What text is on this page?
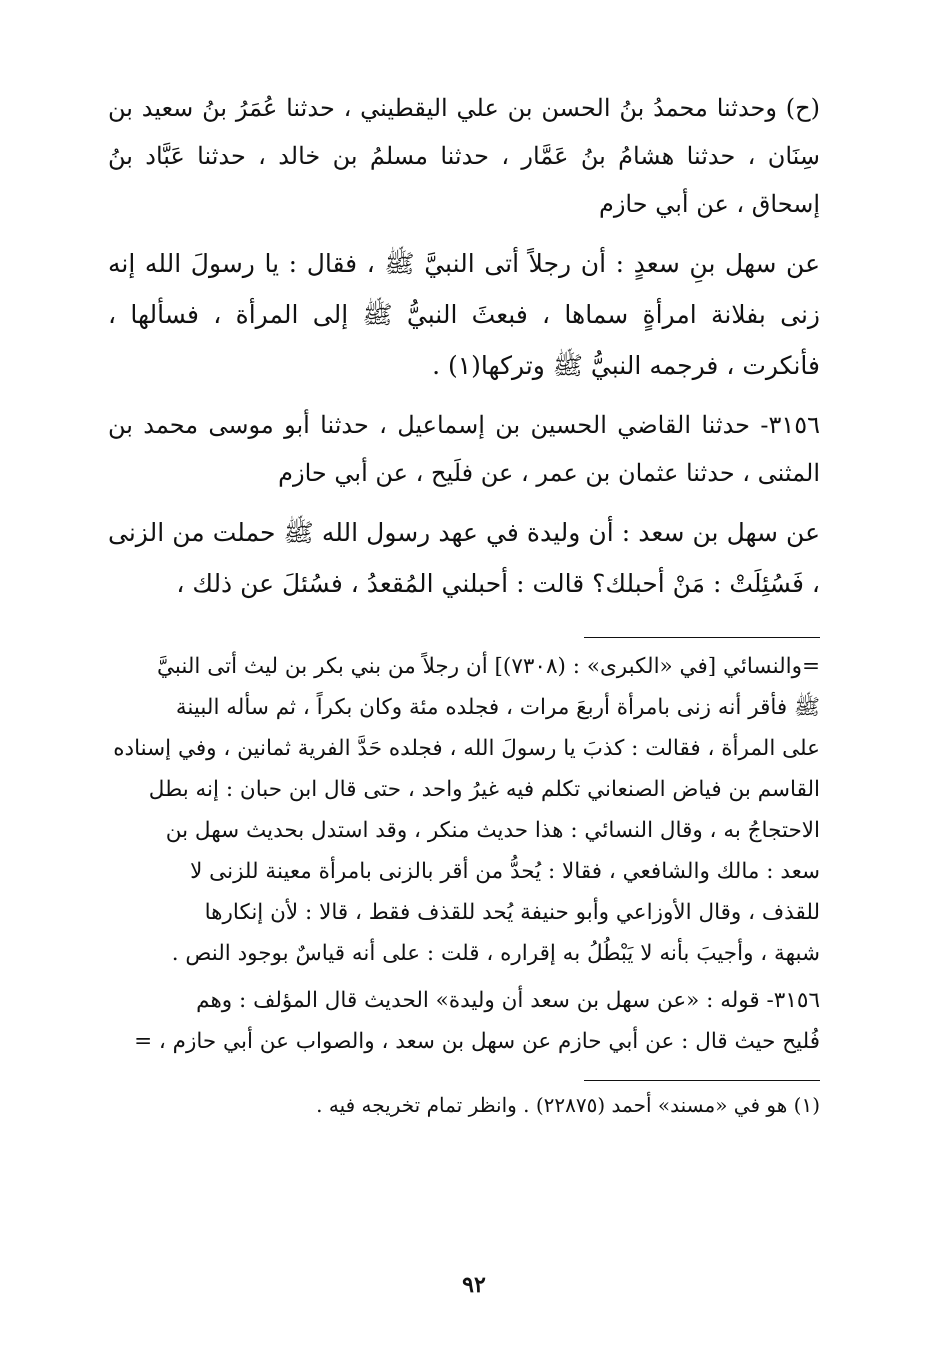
(ح) وحدثنا محمدُ بنُ الحسن بن علي اليقطيني ، حدثنا عُمَرُ بنُ سعيد بن سِنَان ، حدثنا هشامُ بنُ عَمَّار ، حدثنا مسلمُ بن خالد ، حدثنا عَبَّاد بنُ إسحاق ، عن أبي حازم

عن سهل بنِ سعدٍ : أن رجلاً أتى النبيَّ ﷺ ، فقال : يا رسولَ الله إنه زنى بفلانة امرأةٍ سماها ، فبعثَ النبيُّ ﷺ إلى المرأة ، فسألها ، فأنكرت ، فرجمه النبيُّ ﷺ وتركها(١) .

٣١٥٦- حدثنا القاضي الحسين بن إسماعيل ، حدثنا أبو موسى محمد بن المثنى ، حدثنا عثمان بن عمر ، عن فلَيح ، عن أبي حازم

عن سهل بن سعد : أن وليدة في عهد رسول الله ﷺ حملت من الزنى ، فَسُئِلَتْ : مَنْ أحبلك؟ قالت : أحبلني المُقعدُ ، فسُئلَ عن ذلك ،

=والنسائي [في «الكبرى» : (٧٣٠٨)] أن رجلاً من بني بكر بن ليث أتى النبيَّ

ﷺ فأقر أنه زنى بامرأة أربعَ مرات ، فجلده مئة وكان بكراً ، ثم سأله البينة

على المرأة ، فقالت : كذبَ يا رسولَ الله ، فجلده حَدَّ الفرية ثمانين ، وفي إسناده

القاسم بن فياض الصنعاني تكلم فيه غيرُ واحد ، حتى قال ابن حبان : إنه بطل

الاحتجاجُ به ، وقال النسائي : هذا حديث منكر ، وقد استدل بحديث سهل بن

سعد : مالك والشافعي ، فقالا : يُحدُّ من أقر بالزنى بامرأة معينة للزنى لا

للقذف ، وقال الأوزاعي وأبو حنيفة يُحد للقذف فقط ، قالا : لأن إنكارها

شبهة ، وأجيبَ بأنه لا يَبْطُلُ به إقراره ، قلت : على أنه قياسٌ بوجود النص .

٣١٥٦- قوله : «عن سهل بن سعد أن وليدة» الحديث قال المؤلف : وهم

فُليح حيث قال : عن أبي حازم عن سهل بن سعد ، والصواب عن أبي حازم ، =

(١) هو في «مسند» أحمد (٢٢٨٧٥) . وانظر تمام تخريجه فيه .

٩٢
